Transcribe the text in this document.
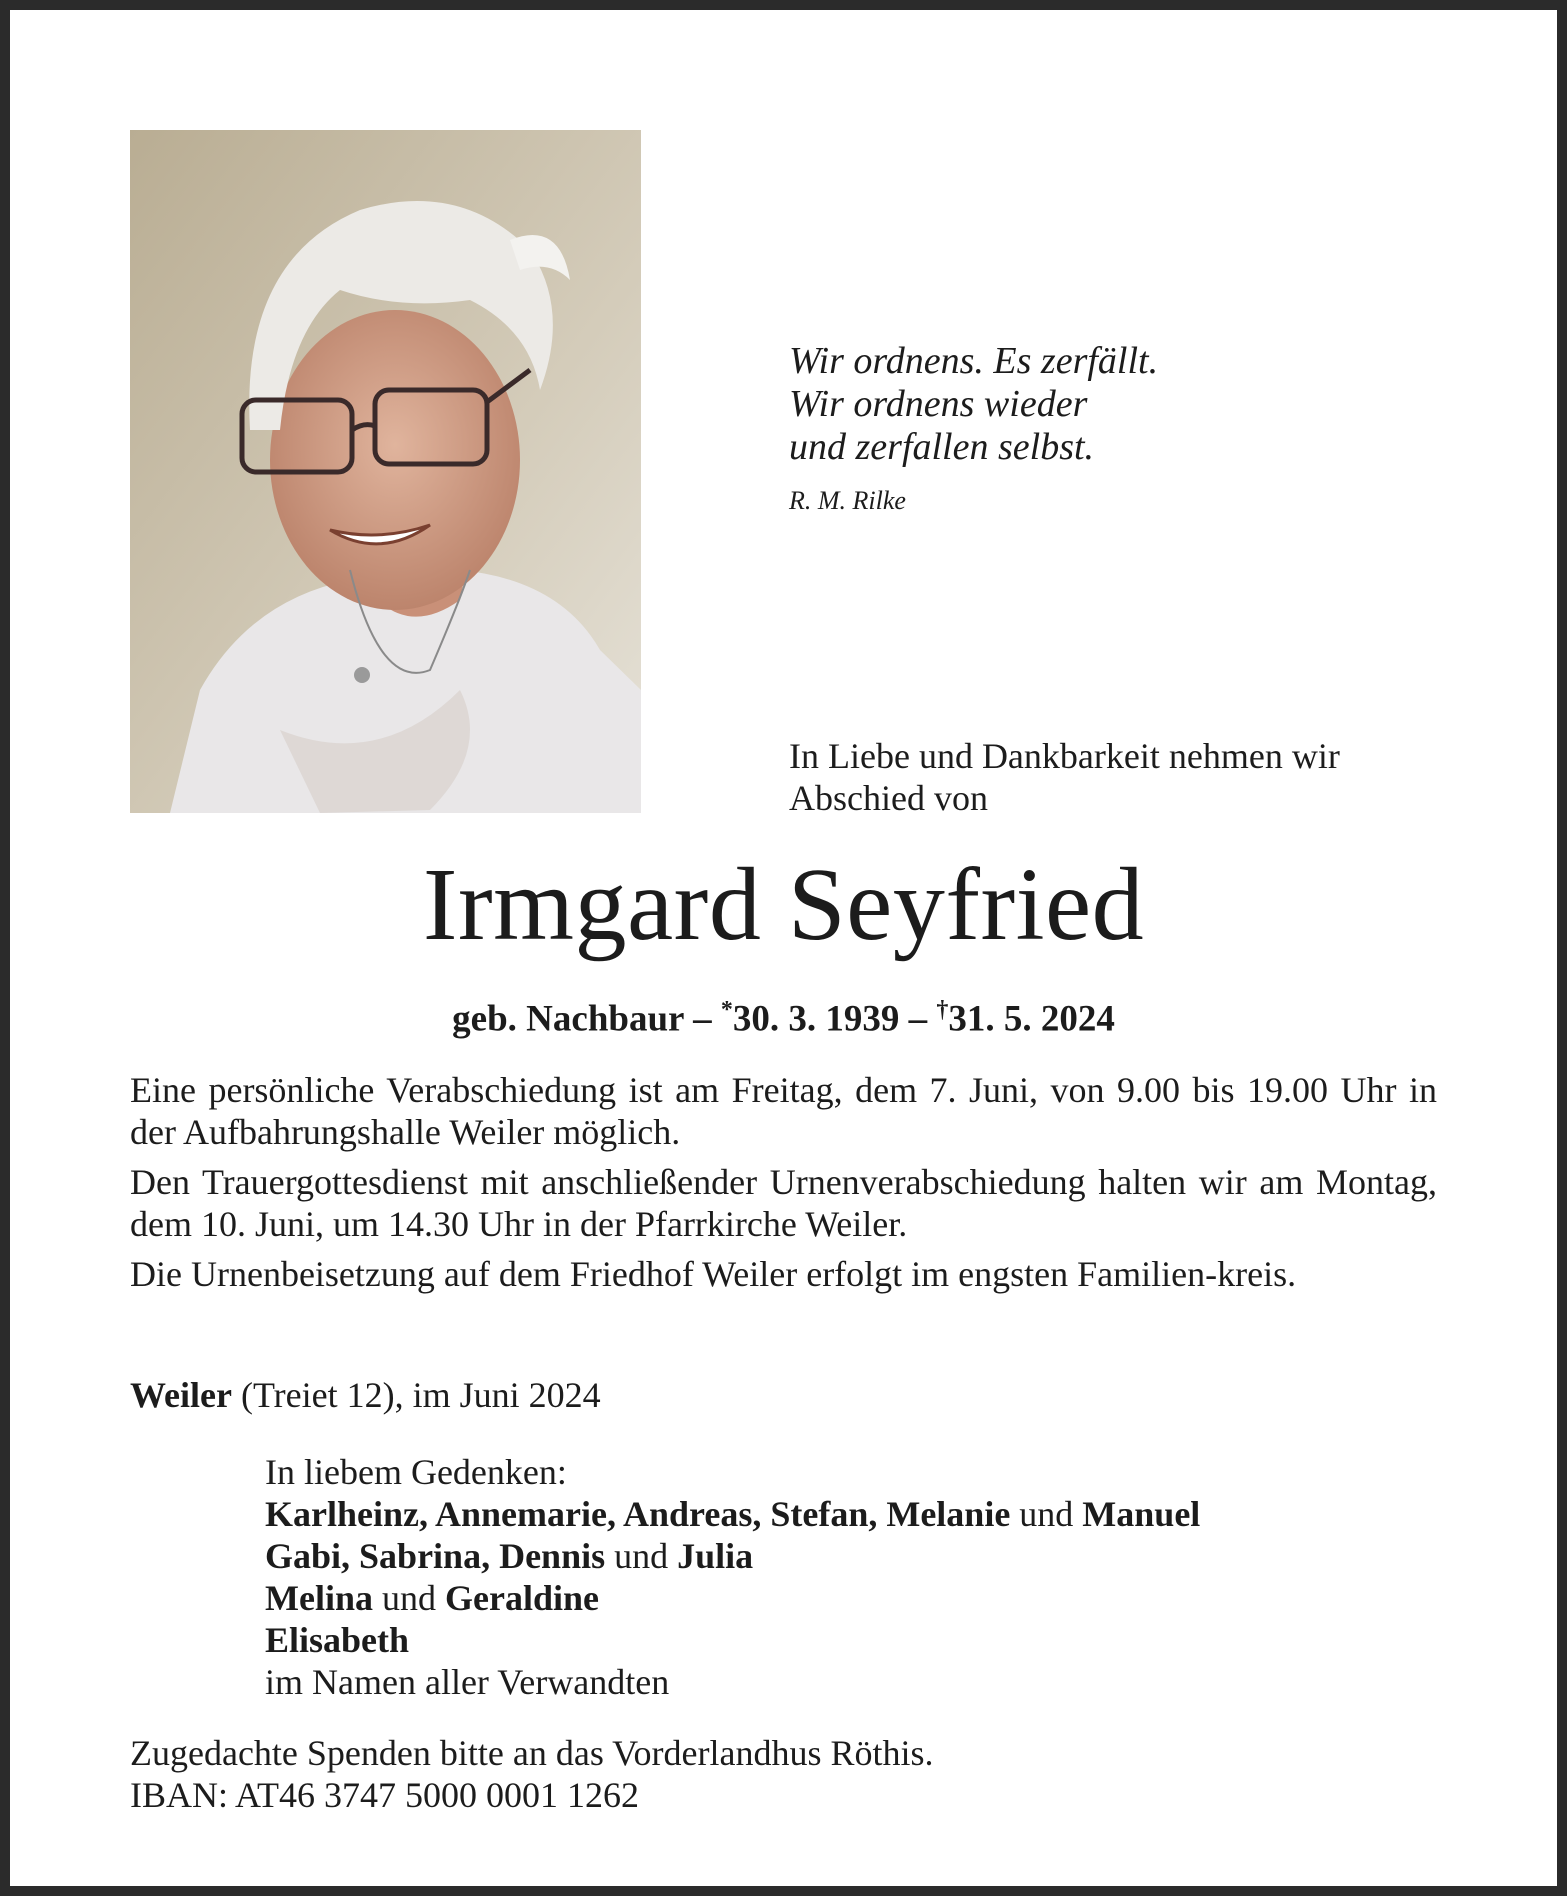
Wir ordnens. Es zerfällt.
Wir ordnens wieder
und zerfallen selbst.
R. M. Rilke
In Liebe und Dankbarkeit nehmen wir
Abschied von
Irmgard Seyfried
geb. Nachbaur – *30. 3. 1939 – †31. 5. 2024

Eine persönliche Verabschiedung ist am Freitag, dem 7. Juni, von 9.00 bis 19.00 Uhr in der Aufbahrungshalle Weiler möglich.

Den Trauergottesdienst mit anschließender Urnenverabschiedung halten wir am Montag, dem 10. Juni, um 14.30 Uhr in der Pfarrkirche Weiler.

Die Urnenbeisetzung auf dem Friedhof Weiler erfolgt im engsten Familien-kreis.

Weiler (Treiet 12), im Juni 2024
In liebem Gedenken:
Karlheinz, Annemarie, Andreas, Stefan, Melanie und Manuel
Gabi, Sabrina, Dennis und Julia
Melina und Geraldine
Elisabeth
im Namen aller Verwandten
Zugedachte Spenden bitte an das Vorderlandhus Röthis.
IBAN: AT46 3747 5000 0001 1262
